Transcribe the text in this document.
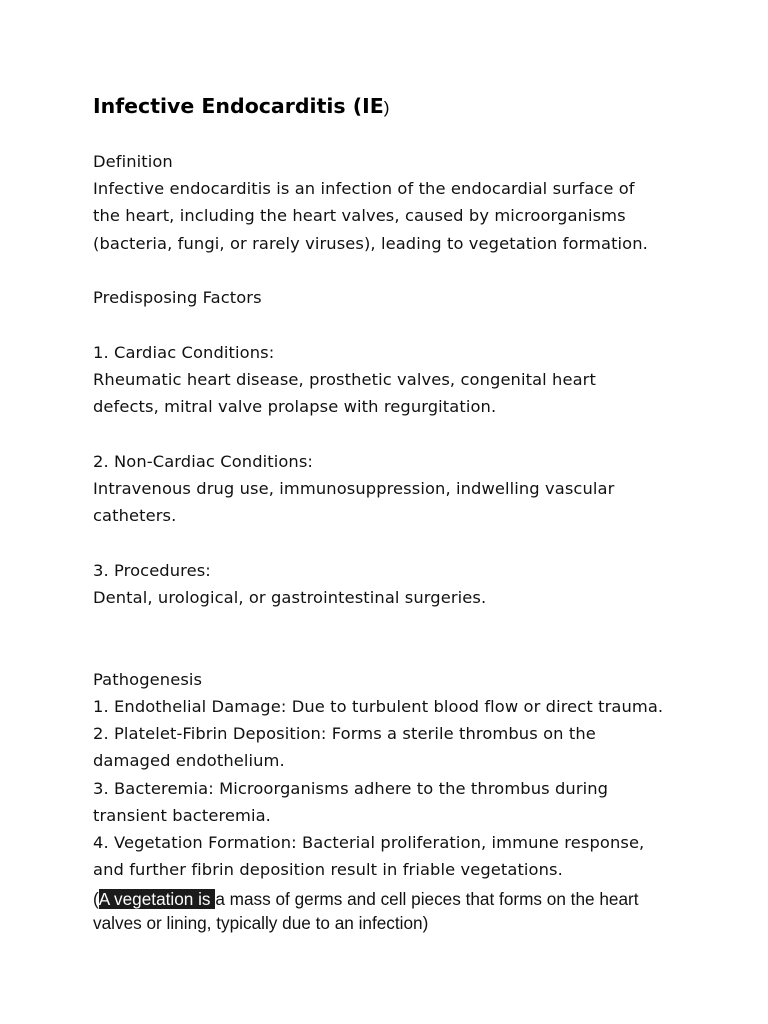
Infective Endocarditis (IE)
Definition
Infective endocarditis is an infection of the endocardial surface of
the heart, including the heart valves, caused by microorganisms
(bacteria, fungi, or rarely viruses), leading to vegetation formation.
Predisposing Factors
1. Cardiac Conditions:
Rheumatic heart disease, prosthetic valves, congenital heart
defects, mitral valve prolapse with regurgitation.
2. Non-Cardiac Conditions:
Intravenous drug use, immunosuppression, indwelling vascular
catheters.
3. Procedures:
Dental, urological, or gastrointestinal surgeries.
Pathogenesis
1. Endothelial Damage: Due to turbulent blood flow or direct trauma.
2. Platelet-Fibrin Deposition: Forms a sterile thrombus on the
damaged endothelium.
3. Bacteremia: Microorganisms adhere to the thrombus during
transient bacteremia.
4. Vegetation Formation: Bacterial proliferation, immune response,
and further fibrin deposition result in friable vegetations.
(A vegetation is a mass of germs and cell pieces that forms on the heart
valves or lining, typically due to an infection)
